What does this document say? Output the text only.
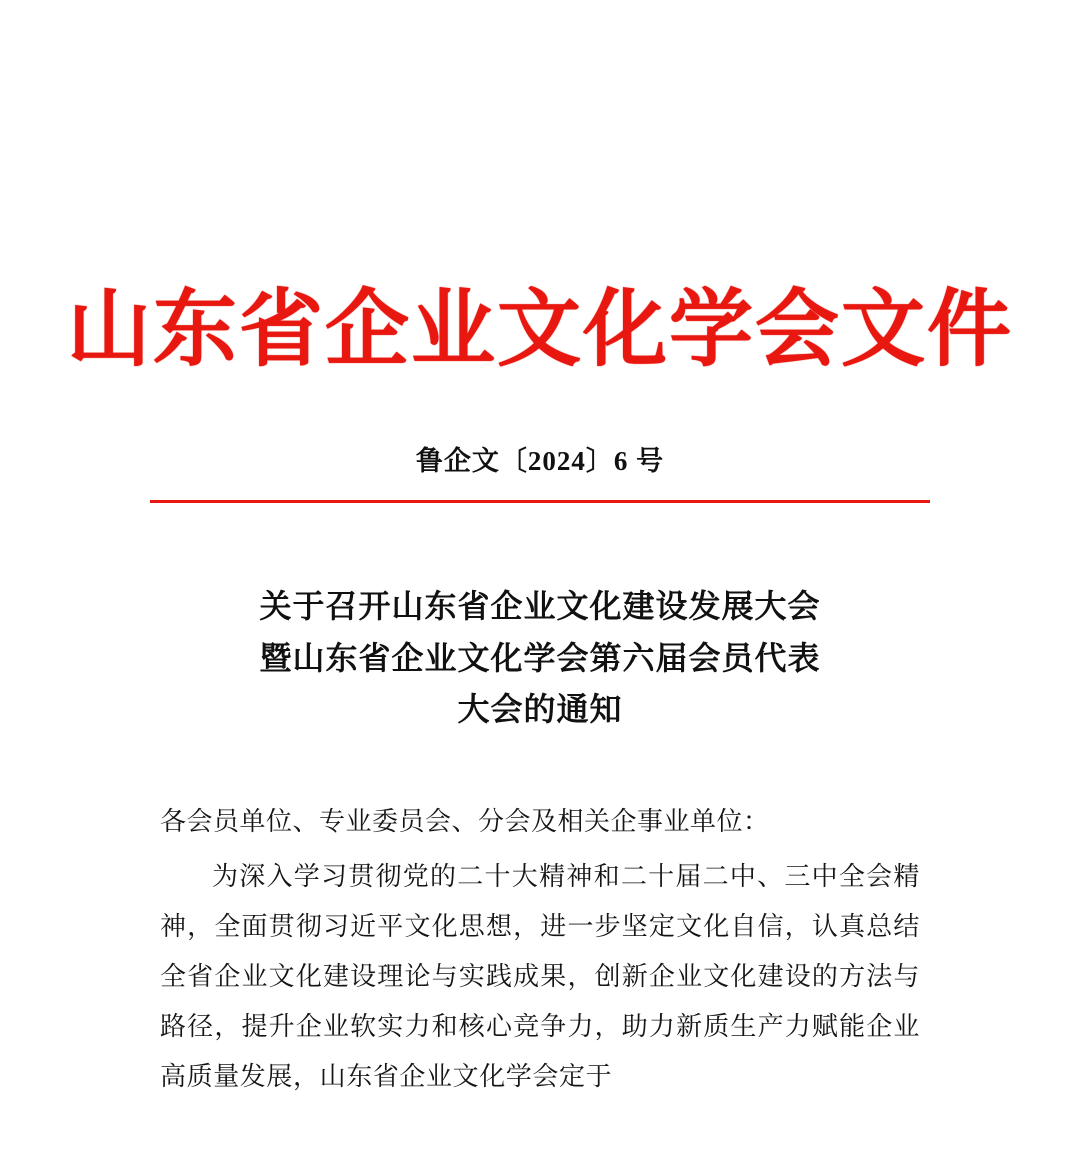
山东省企业文化学会文件
鲁企文〔2024〕6 号
关于召开山东省企业文化建设发展大会
暨山东省企业文化学会第六届会员代表
大会的通知
各会员单位、专业委员会、分会及相关企事业单位：
为深入学习贯彻党的二十大精神和二十届二中、三中全会精神，全面贯彻习近平文化思想，进一步坚定文化自信，认真总结全省企业文化建设理论与实践成果，创新企业文化建设的方法与路径，提升企业软实力和核心竞争力，助力新质生产力赋能企业高质量发展，山东省企业文化学会定于
